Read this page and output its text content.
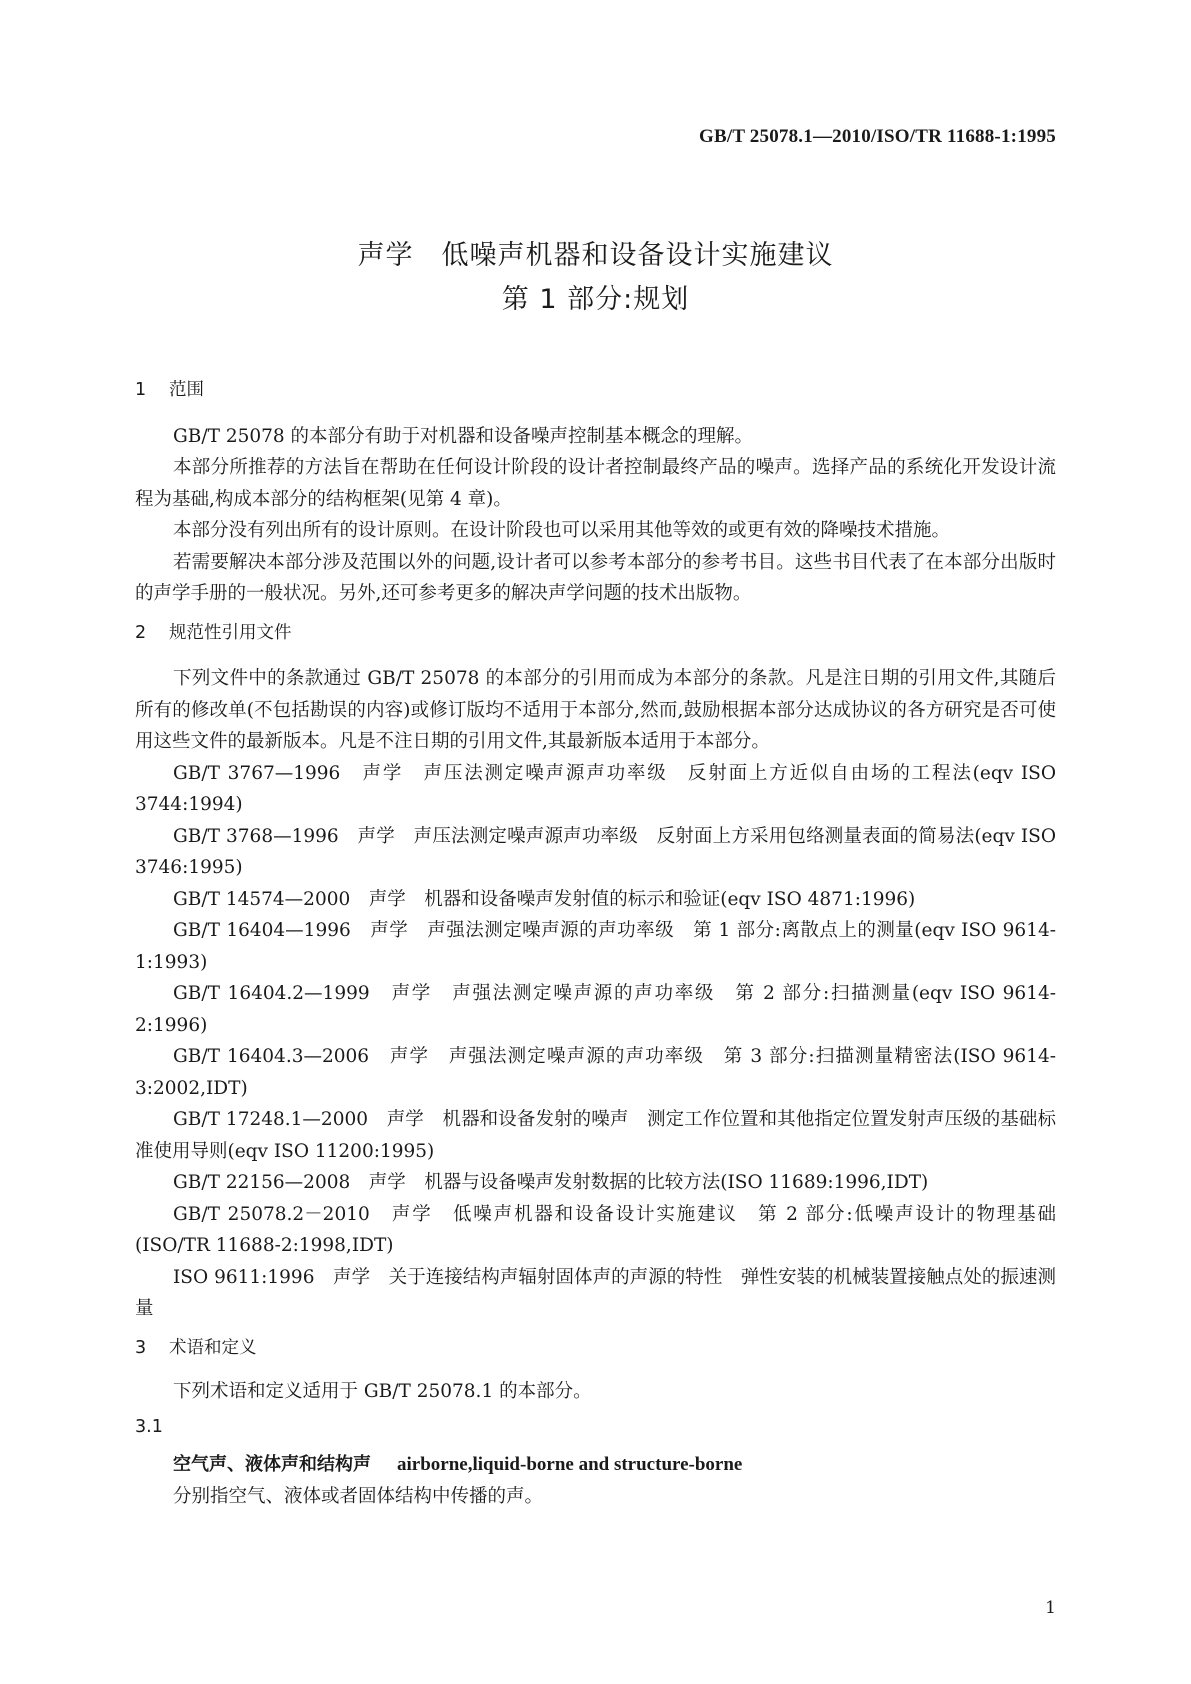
GB/T 25078.1—2010/ISO/TR 11688-1:1995
声学　低噪声机器和设备设计实施建议
第 1 部分:规划
1 范围

GB/T 25078 的本部分有助于对机器和设备噪声控制基本概念的理解。

本部分所推荐的方法旨在帮助在任何设计阶段的设计者控制最终产品的噪声。选择产品的系统化开发设计流程为基础,构成本部分的结构框架(见第 4 章)。

本部分没有列出所有的设计原则。在设计阶段也可以采用其他等效的或更有效的降噪技术措施。

若需要解决本部分涉及范围以外的问题,设计者可以参考本部分的参考书目。这些书目代表了在本部分出版时的声学手册的一般状况。另外,还可参考更多的解决声学问题的技术出版物。

2 规范性引用文件

下列文件中的条款通过 GB/T 25078 的本部分的引用而成为本部分的条款。凡是注日期的引用文件,其随后所有的修改单(不包括勘误的内容)或修订版均不适用于本部分,然而,鼓励根据本部分达成协议的各方研究是否可使用这些文件的最新版本。凡是不注日期的引用文件,其最新版本适用于本部分。

GB/T 3767—1996　声学　声压法测定噪声源声功率级　反射面上方近似自由场的工程法(eqv ISO 3744:1994)

GB/T 3768—1996　声学　声压法测定噪声源声功率级　反射面上方采用包络测量表面的简易法(eqv ISO 3746:1995)

GB/T 14574—2000　声学　机器和设备噪声发射值的标示和验证(eqv ISO 4871:1996)

GB/T 16404—1996　声学　声强法测定噪声源的声功率级　第 1 部分:离散点上的测量(eqv ISO 9614-1:1993)

GB/T 16404.2—1999　声学　声强法测定噪声源的声功率级　第 2 部分:扫描测量(eqv ISO 9614-2:1996)

GB/T 16404.3—2006　声学　声强法测定噪声源的声功率级　第 3 部分:扫描测量精密法(ISO 9614-3:2002,IDT)

GB/T 17248.1—2000　声学　机器和设备发射的噪声　测定工作位置和其他指定位置发射声压级的基础标准使用导则(eqv ISO 11200:1995)

GB/T 22156—2008　声学　机器与设备噪声发射数据的比较方法(ISO 11689:1996,IDT)

GB/T 25078.2－2010　声学　低噪声机器和设备设计实施建议　第 2 部分:低噪声设计的物理基础(ISO/TR 11688-2:1998,IDT)

ISO 9611:1996　声学　关于连接结构声辐射固体声的声源的特性　弹性安装的机械装置接触点处的振速测量

3 术语和定义

下列术语和定义适用于 GB/T 25078.1 的本部分。

3.1
空气声、液体声和结构声 airborne,liquid-borne and structure-borne

分别指空气、液体或者固体结构中传播的声。

1
